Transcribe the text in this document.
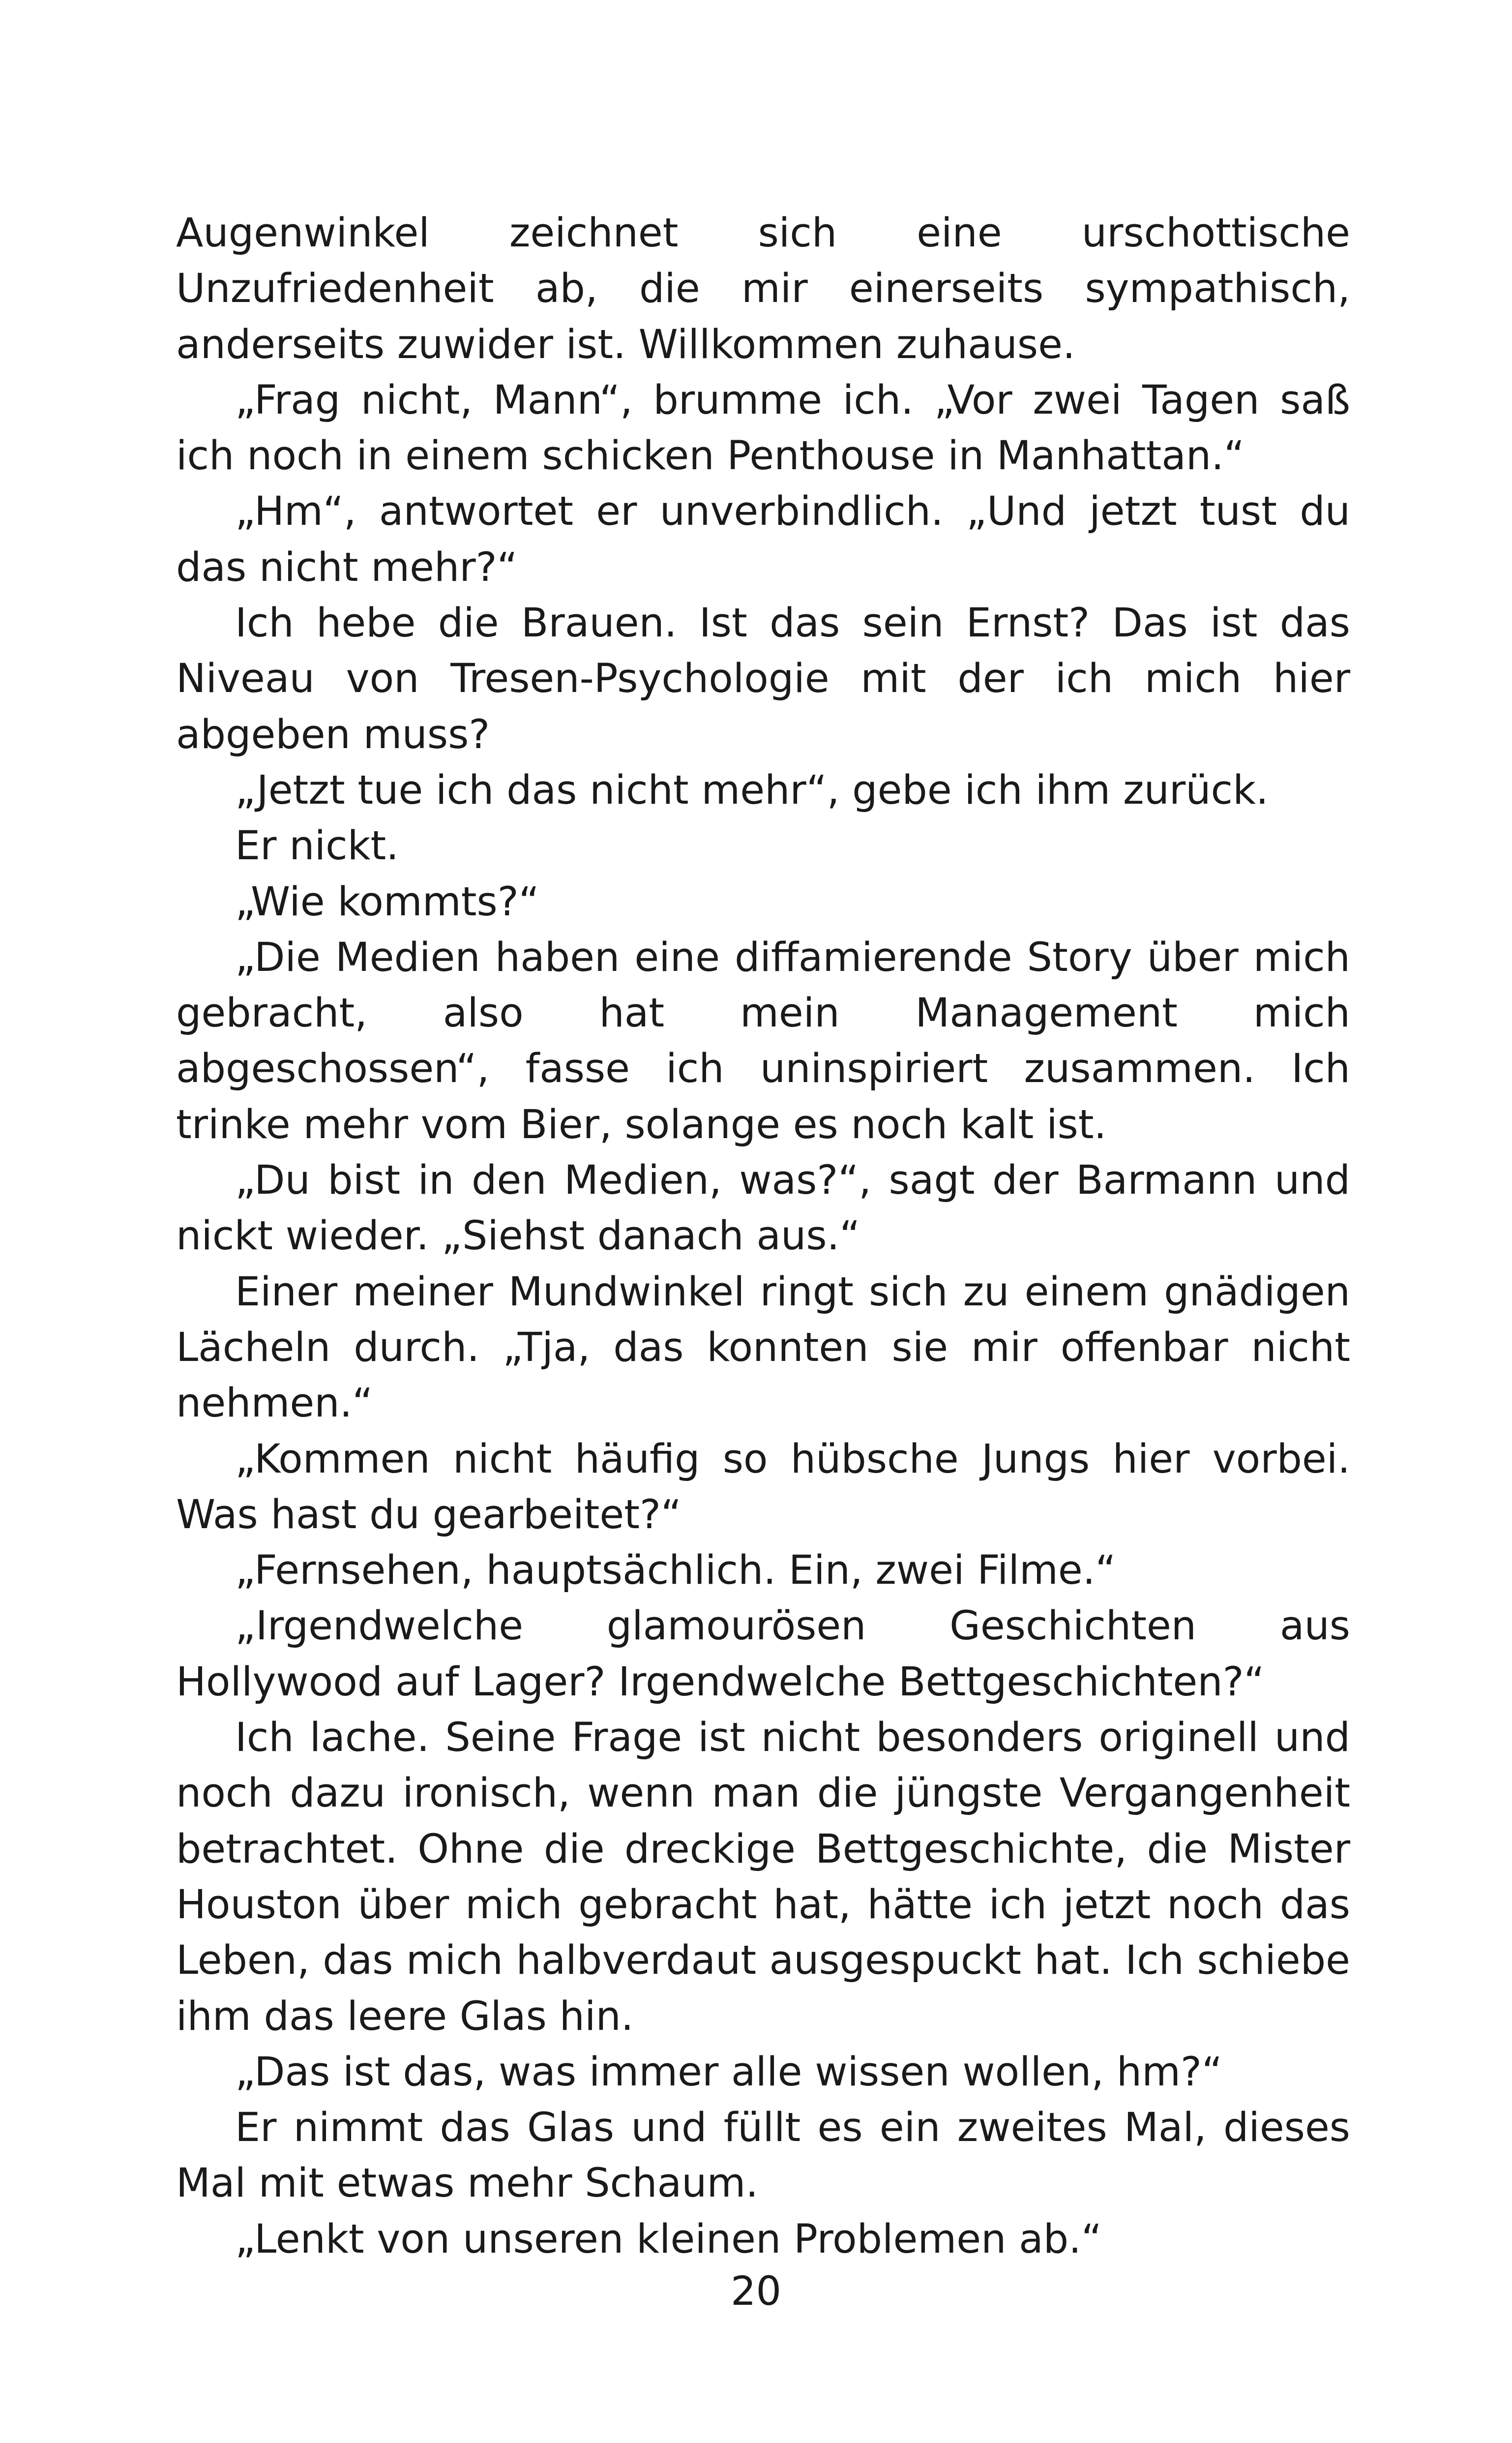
Augenwinkel zeichnet sich eine urschottische Unzufriedenheit ab, die mir einerseits sympathisch, anderseits zuwider ist. Willkommen zuhause.

„Frag nicht, Mann“, brumme ich. „Vor zwei Tagen saß ich noch in einem schicken Penthouse in Manhattan.“

„Hm“, antwortet er unverbindlich. „Und jetzt tust du das nicht mehr?“

Ich hebe die Brauen. Ist das sein Ernst? Das ist das Niveau von Tresen-Psychologie mit der ich mich hier abgeben muss?

„Jetzt tue ich das nicht mehr“, gebe ich ihm zurück.

Er nickt.

„Wie kommts?“

„Die Medien haben eine diffamierende Story über mich gebracht, also hat mein Management mich abgeschossen“, fasse ich uninspiriert zusammen. Ich trinke mehr vom Bier, solange es noch kalt ist.

„Du bist in den Medien, was?“, sagt der Barmann und nickt wieder. „Siehst danach aus.“

Einer meiner Mundwinkel ringt sich zu einem gnädigen Lächeln durch. „Tja, das konnten sie mir offenbar nicht nehmen.“

„Kommen nicht häufig so hübsche Jungs hier vorbei. Was hast du gearbeitet?“

„Fernsehen, hauptsächlich. Ein, zwei Filme.“

„Irgendwelche glamourösen Geschichten aus Hollywood auf Lager? Irgendwelche Bettgeschichten?“

Ich lache. Seine Frage ist nicht besonders originell und noch dazu ironisch, wenn man die jüngste Vergangenheit betrachtet. Ohne die dreckige Bettgeschichte, die Mister Houston über mich gebracht hat, hätte ich jetzt noch das Leben, das mich halbverdaut ausgespuckt hat. Ich schiebe ihm das leere Glas hin.

„Das ist das, was immer alle wissen wollen, hm?“

Er nimmt das Glas und füllt es ein zweites Mal, dieses Mal mit etwas mehr Schaum.

„Lenkt von unseren kleinen Problemen ab.“

20
